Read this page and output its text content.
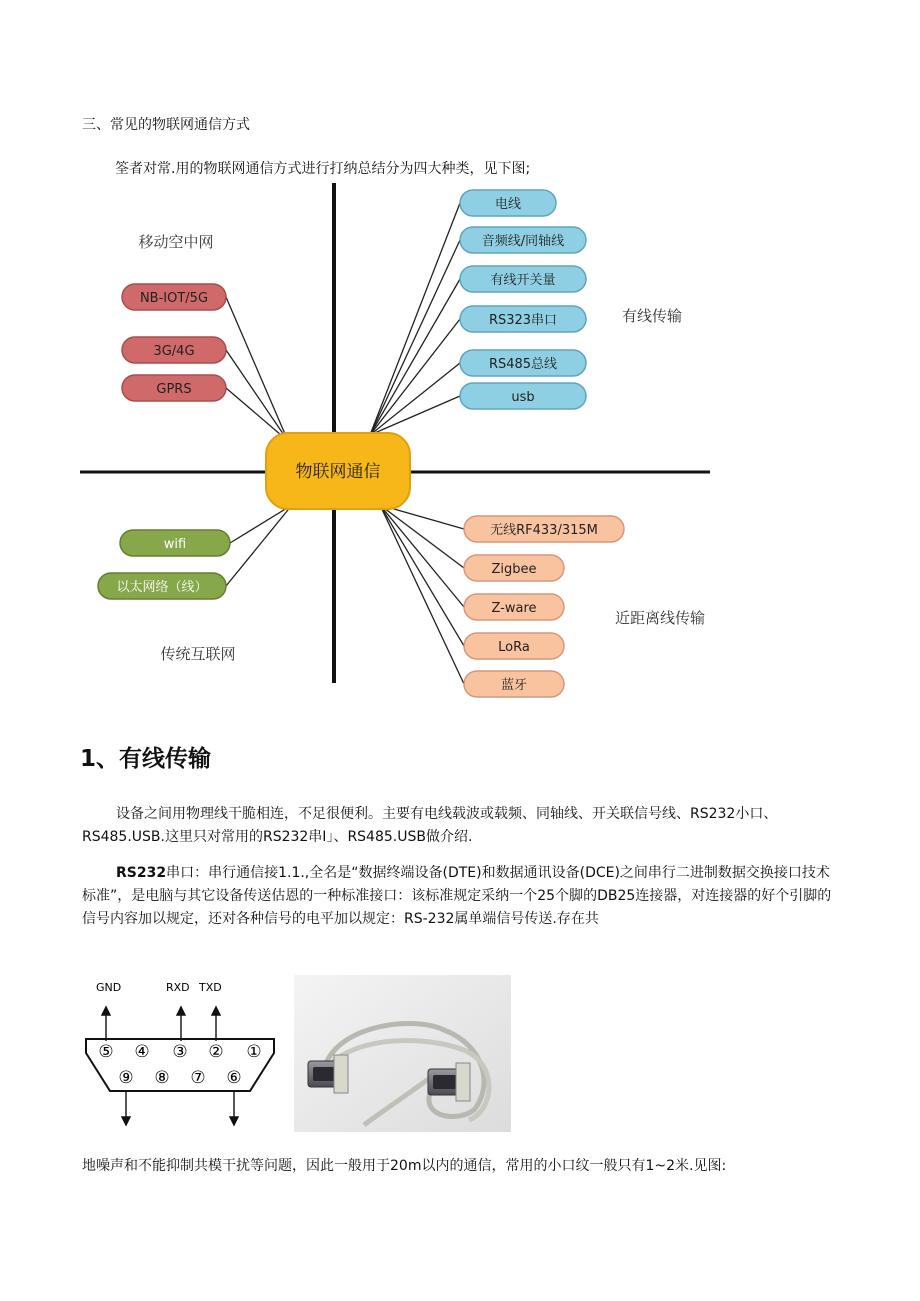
三、常见的物联网通信方式
筌者对常.用的物联网通信方式进行打纳总结分为四大种类，见下图;
NB-IOT/5G
3G/4G
GPRS
电线
音频线/同轴线
有线开关量
RS323串口
RS485总线
usb
wifi
以太网络（线）
无线RF433/315M
Zigbee
Z-ware
LoRa
蓝牙
物联网通信
移动空中网
有线传输
传统互联网
近距离线传输
1、有线传输
设备之间用物理线干脆相连，不足很便利。主要有电线载波或载频、同轴线、开关联信号线、RS232小口、RS485.USB.这里只对常用的RS232串Ⅰ」、RS485.USB做介绍.
RS232串口：串行通信接1.1.,全名是“数据终端设备(DTE)和数据通讯设备(DCE)之间串行二进制数据交换接口技术标准”，是电脑与其它设备传送估恩的一种标准接口：该标准规定采纳一个25个脚的DB25连接器，对连接器的好个引脚的信号内容加以规定，还对各种信号的电平加以规定：RS-232属单端信号传送.存在共
GND	RXD TXD
⑤ ④ ③ ② ①
⑨ ⑧ ⑦ ⑥
地噪声和不能抑制共模干扰等问题，因此一般用于20m以内的通信，常用的小口纹一般只有1~2米.见图:
